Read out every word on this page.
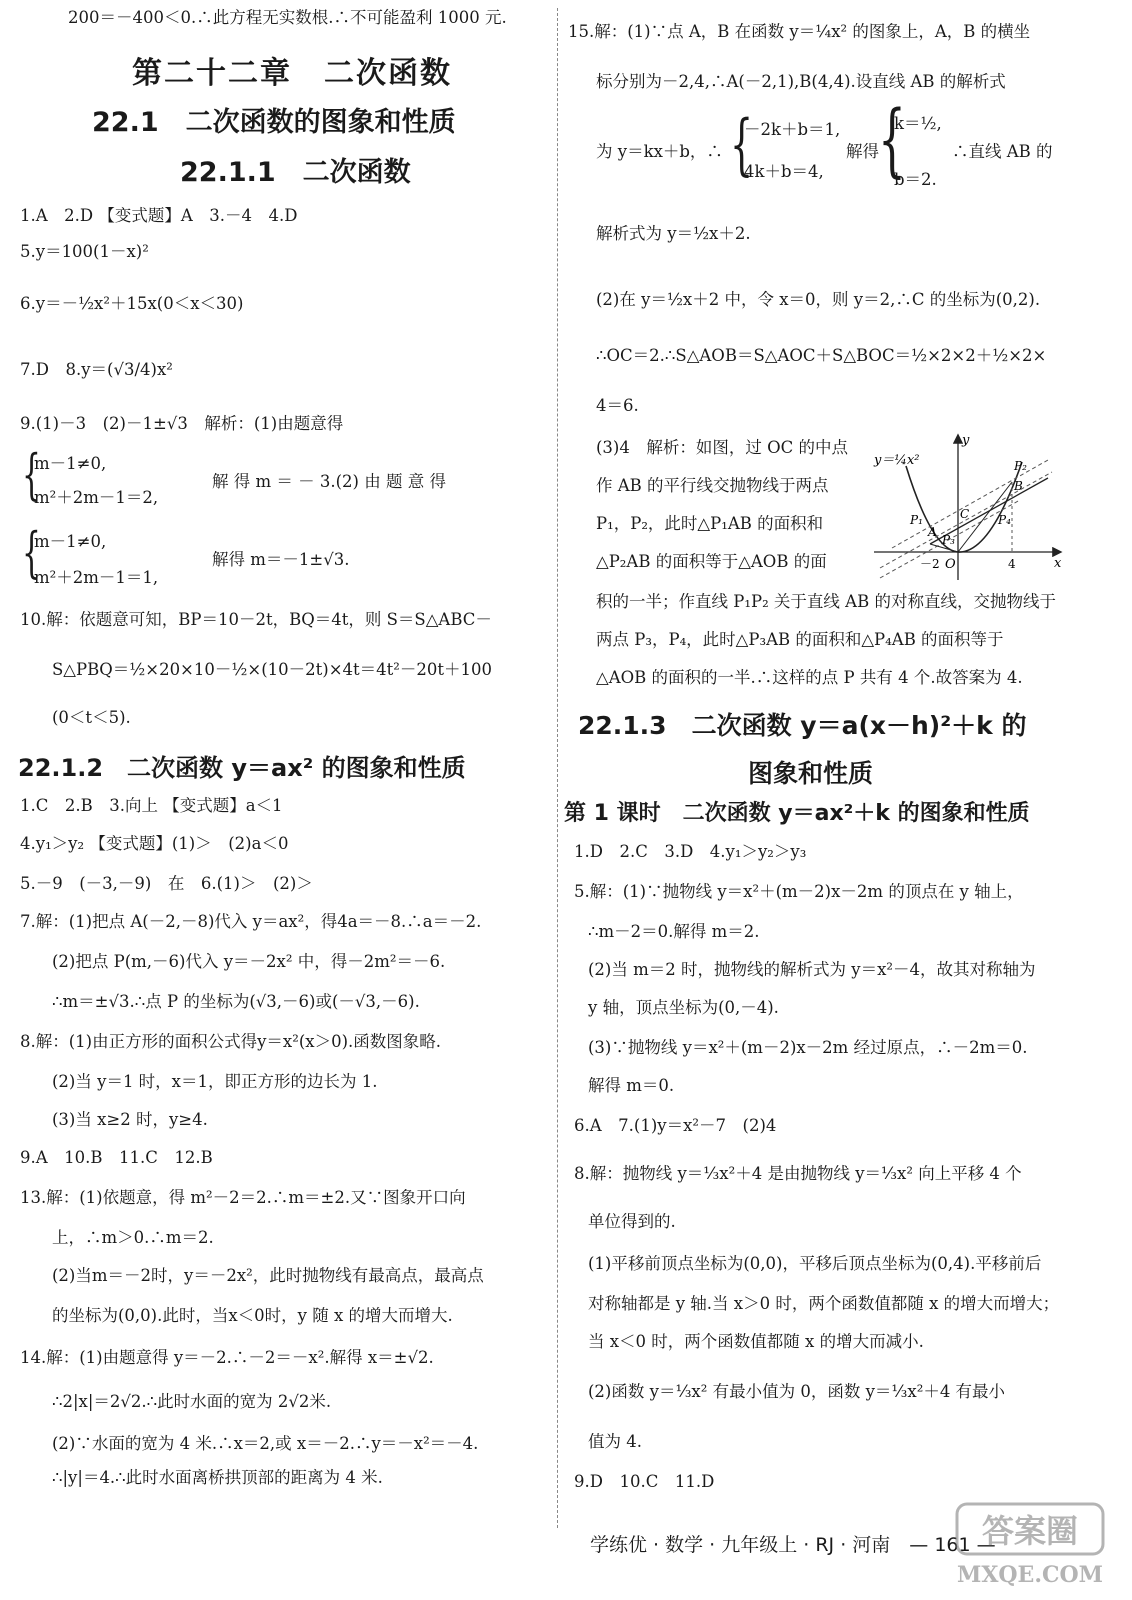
200＝－400＜0.∴此方程无实数根.∴不可能盈利 1000 元.
第二十二章　二次函数
22.1　二次函数的图象和性质
22.1.1　二次函数
1.A　2.D 【变式题】A　3.－4　4.D
5.y＝100(1－x)²
6.y＝－½x²＋15x(0＜x＜30)
7.D　8.y＝(√3/4)x²
9.(1)－3　(2)－1±√3　解析：(1)由题意得
{
m－1≠0,
m²＋2m－1＝2,
解 得 m ＝ － 3.(2) 由 题 意 得
{
m－1≠0,
m²＋2m－1＝1,
解得 m＝－1±√3.
10.解：依题意可知，BP＝10－2t，BQ＝4t，则 S＝S△ABC－
S△PBQ＝½×20×10－½×(10－2t)×4t＝4t²－20t＋100
(0＜t＜5).
22.1.2　二次函数 y＝ax² 的图象和性质
1.C　2.B　3.向上 【变式题】a＜1
4.y₁＞y₂ 【变式题】(1)＞　(2)a＜0
5.－9　(－3,－9)　在　6.(1)＞　(2)＞
7.解：(1)把点 A(－2,－8)代入 y＝ax²，得4a＝－8.∴a＝－2.
(2)把点 P(m,－6)代入 y＝－2x² 中，得－2m²＝－6.
∴m＝±√3.∴点 P 的坐标为(√3,－6)或(－√3,－6).
8.解：(1)由正方形的面积公式得y＝x²(x＞0).函数图象略.
(2)当 y＝1 时，x＝1，即正方形的边长为 1.
(3)当 x≥2 时，y≥4.
9.A　10.B　11.C　12.B
13.解：(1)依题意，得 m²－2＝2.∴m＝±2.又∵图象开口向
上，∴m＞0.∴m＝2.
(2)当m＝－2时，y＝－2x²，此时抛物线有最高点，最高点
的坐标为(0,0).此时，当x＜0时，y 随 x 的增大而增大.
14.解：(1)由题意得 y＝－2.∴－2＝－x².解得 x＝±√2.
∴2|x|＝2√2.∴此时水面的宽为 2√2米.
(2)∵水面的宽为 4 米.∴x＝2,或 x＝－2.∴y＝－x²＝－4.
∴|y|＝4.∴此时水面离桥拱顶部的距离为 4 米.
15.解：(1)∵点 A，B 在函数 y＝¼x² 的图象上，A，B 的横坐
标分别为－2,4,∴A(－2,1),B(4,4).设直线 AB 的解析式
为 y＝kx＋b，∴ {
－2k＋b＝1,
4k＋b＝4,
解得 {
k＝½,
b＝2.
∴直线 AB 的
解析式为 y＝½x＋2.
(2)在 y＝½x＋2 中，令 x＝0，则 y＝2,∴C 的坐标为(0,2).
∴OC＝2.∴S△AOB＝S△AOC＋S△BOC＝½×2×2＋½×2×
4＝6.
(3)4　解析：如图，过 OC 的中点
作 AB 的平行线交抛物线于两点
P₁，P₂，此时△P₁AB 的面积和
△P₂AB 的面积等于△AOB 的面
y＝¼x²
y
x
O
－2	4
A
B
C
P₁
P₂
P₃
P₄
积的一半；作直线 P₁P₂ 关于直线 AB 的对称直线，交抛物线于
两点 P₃，P₄，此时△P₃AB 的面积和△P₄AB 的面积等于
△AOB 的面积的一半.∴这样的点 P 共有 4 个.故答案为 4.
22.1.3　二次函数 y＝a(x－h)²＋k 的
图象和性质
第 1 课时　二次函数 y＝ax²＋k 的图象和性质
1.D　2.C　3.D　4.y₁＞y₂＞y₃
5.解：(1)∵抛物线 y＝x²＋(m－2)x－2m 的顶点在 y 轴上，
∴m－2＝0.解得 m＝2.
(2)当 m＝2 时，抛物线的解析式为 y＝x²－4，故其对称轴为
y 轴，顶点坐标为(0,－4).
(3)∵抛物线 y＝x²＋(m－2)x－2m 经过原点，∴－2m＝0.
解得 m＝0.
6.A　7.(1)y＝x²－7　(2)4
8.解：抛物线 y＝⅓x²＋4 是由抛物线 y＝⅓x² 向上平移 4 个
单位得到的.
(1)平移前顶点坐标为(0,0)，平移后顶点坐标为(0,4).平移前后
对称轴都是 y 轴.当 x＞0 时，两个函数值都随 x 的增大而增大；
当 x＜0 时，两个函数值都随 x 的增大而减小.
(2)函数 y＝⅓x² 有最小值为 0，函数 y＝⅓x²＋4 有最小
值为 4.
9.D　10.C　11.D
学练优 · 数学 · 九年级上 · RJ · 河南　— 161 —
答案圈
MXQE.COM
